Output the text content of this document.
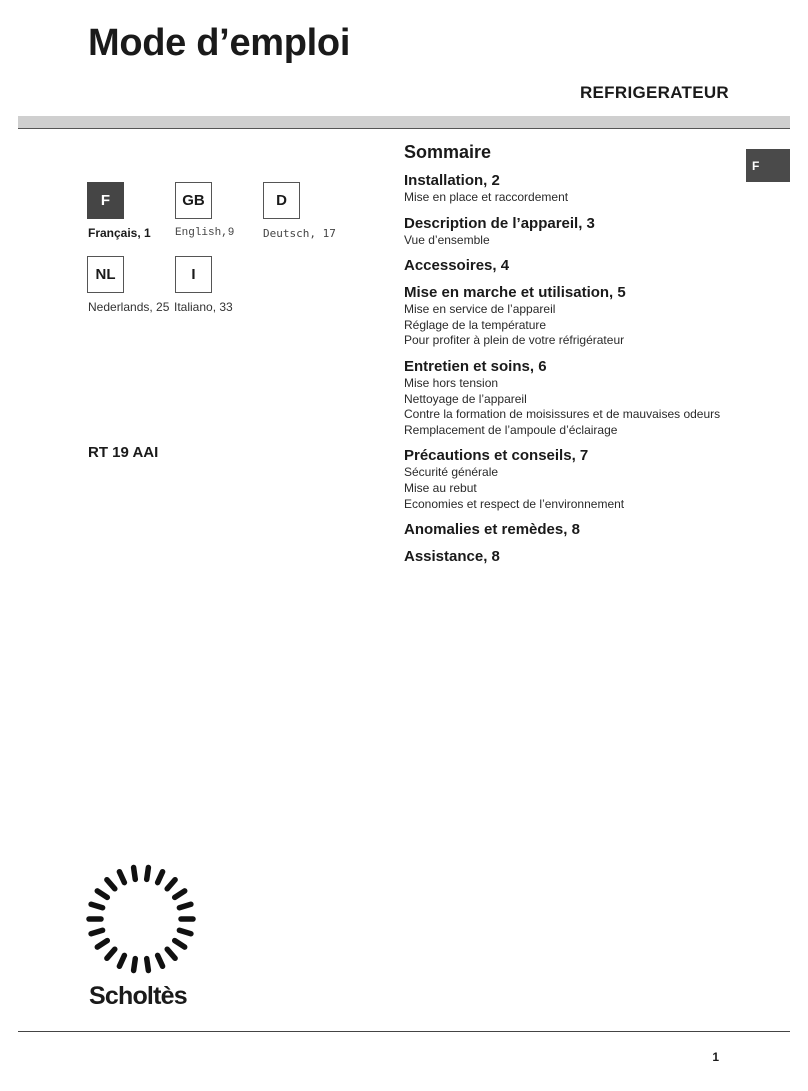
Mode d’emploi
REFRIGERATEUR
F
F	GB	D
Français, 1 English,9	Deutsch, 17
NL	I
Nederlands, 25 Italiano, 33
RT 19 AAI
Sommaire
Installation, 2
Mise en place et raccordement
Description de l’appareil, 3
Vue d’ensemble
Accessoires, 4
Mise en marche et utilisation, 5
Mise en service de l’appareil
Réglage de la température
Pour profiter à plein de votre réfrigérateur
Entretien et soins, 6
Mise hors tension
Nettoyage de l’appareil
Contre la formation de moisissures et de mauvaises odeurs
Remplacement de l’ampoule d’éclairage
Précautions et conseils, 7
Sécurité générale
Mise au rebut
Economies et respect de l’environnement
Anomalies et remèdes, 8
Assistance, 8
Scholtès
1
